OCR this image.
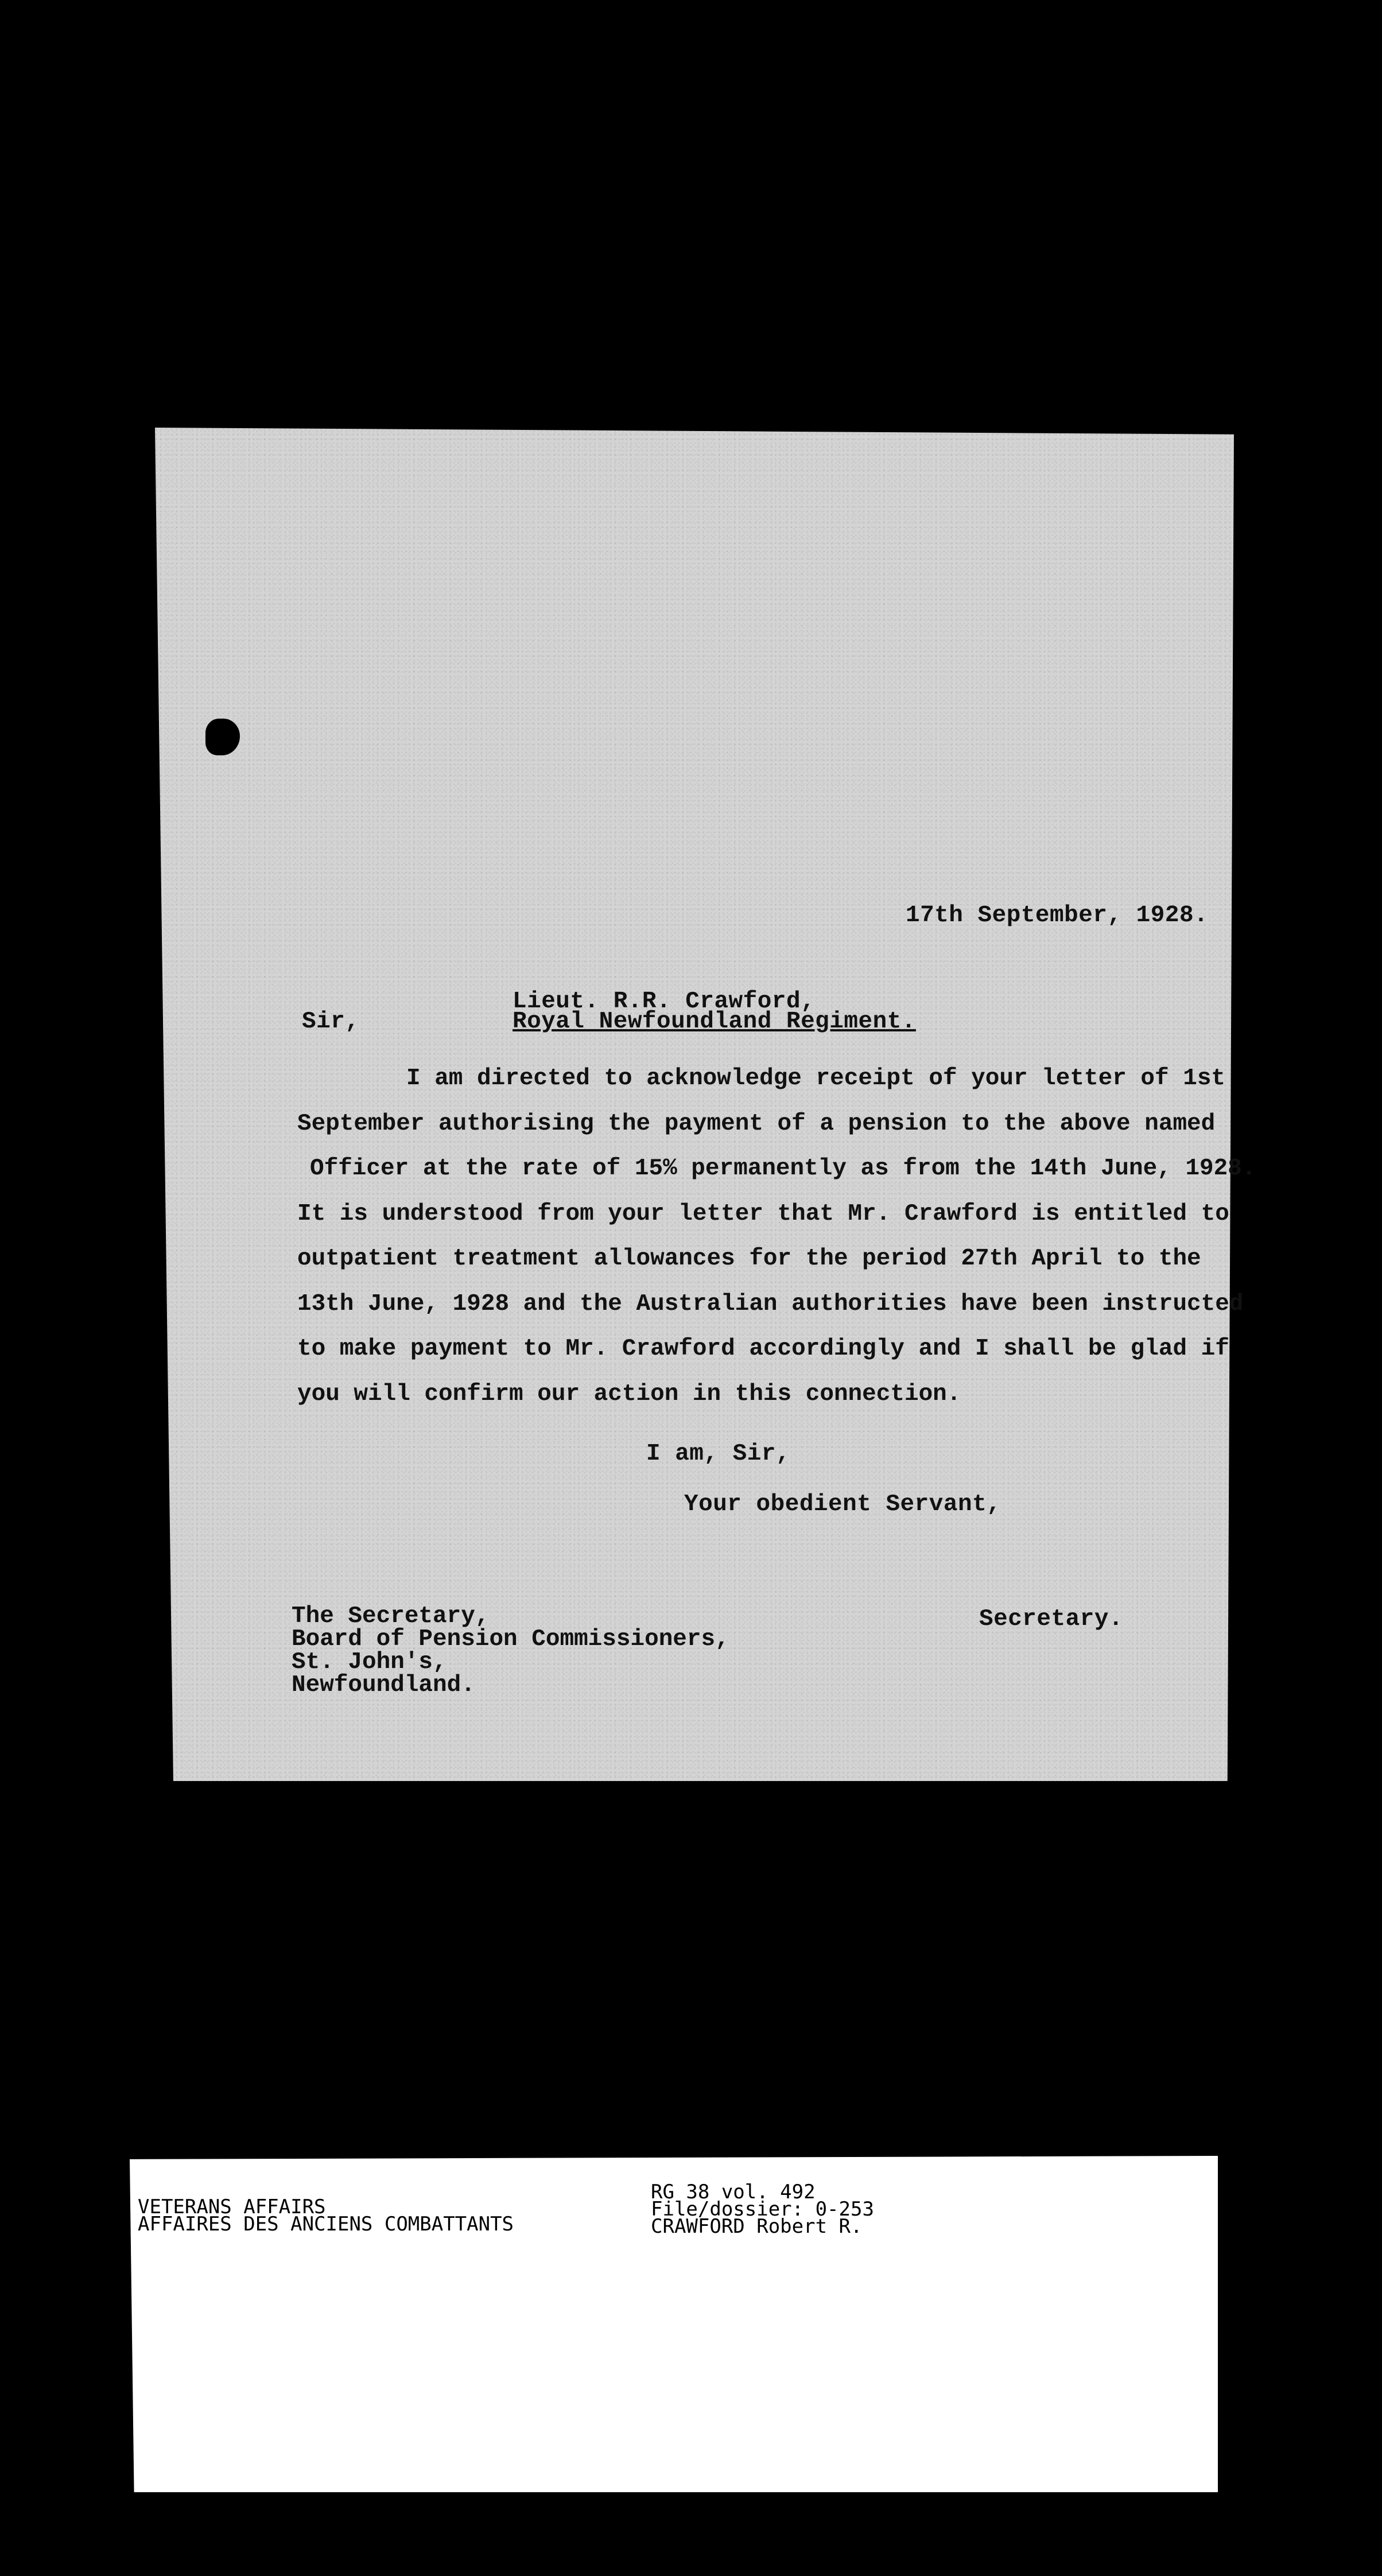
17th September, 1928.

Lieut. R.R. Crawford,

Sir,	Royal Newfoundland Regiment.

I am directed to acknowledge receipt of your letter of 1st
September authorising the payment of a pension to the above named
Officer at the rate of 15% permanently as from the 14th June, 1928.
It is understood from your letter that Mr. Crawford is entitled to
outpatient treatment allowances for the period 27th April to the
13th June, 1928 and the Australian authorities have been instructed
to make payment to Mr. Crawford accordingly and I shall be glad if
you will confirm our action in this connection.

I am, Sir,

Your obedient Servant,

Secretary.

The Secretary,
Board of Pension Commissioners,
St. John's,
Newfoundland.
VETERANS AFFAIRS
AFFAIRES DES ANCIENS COMBATTANTS
RG 38 vol. 492
File/dossier: 0-253
CRAWFORD Robert R.
